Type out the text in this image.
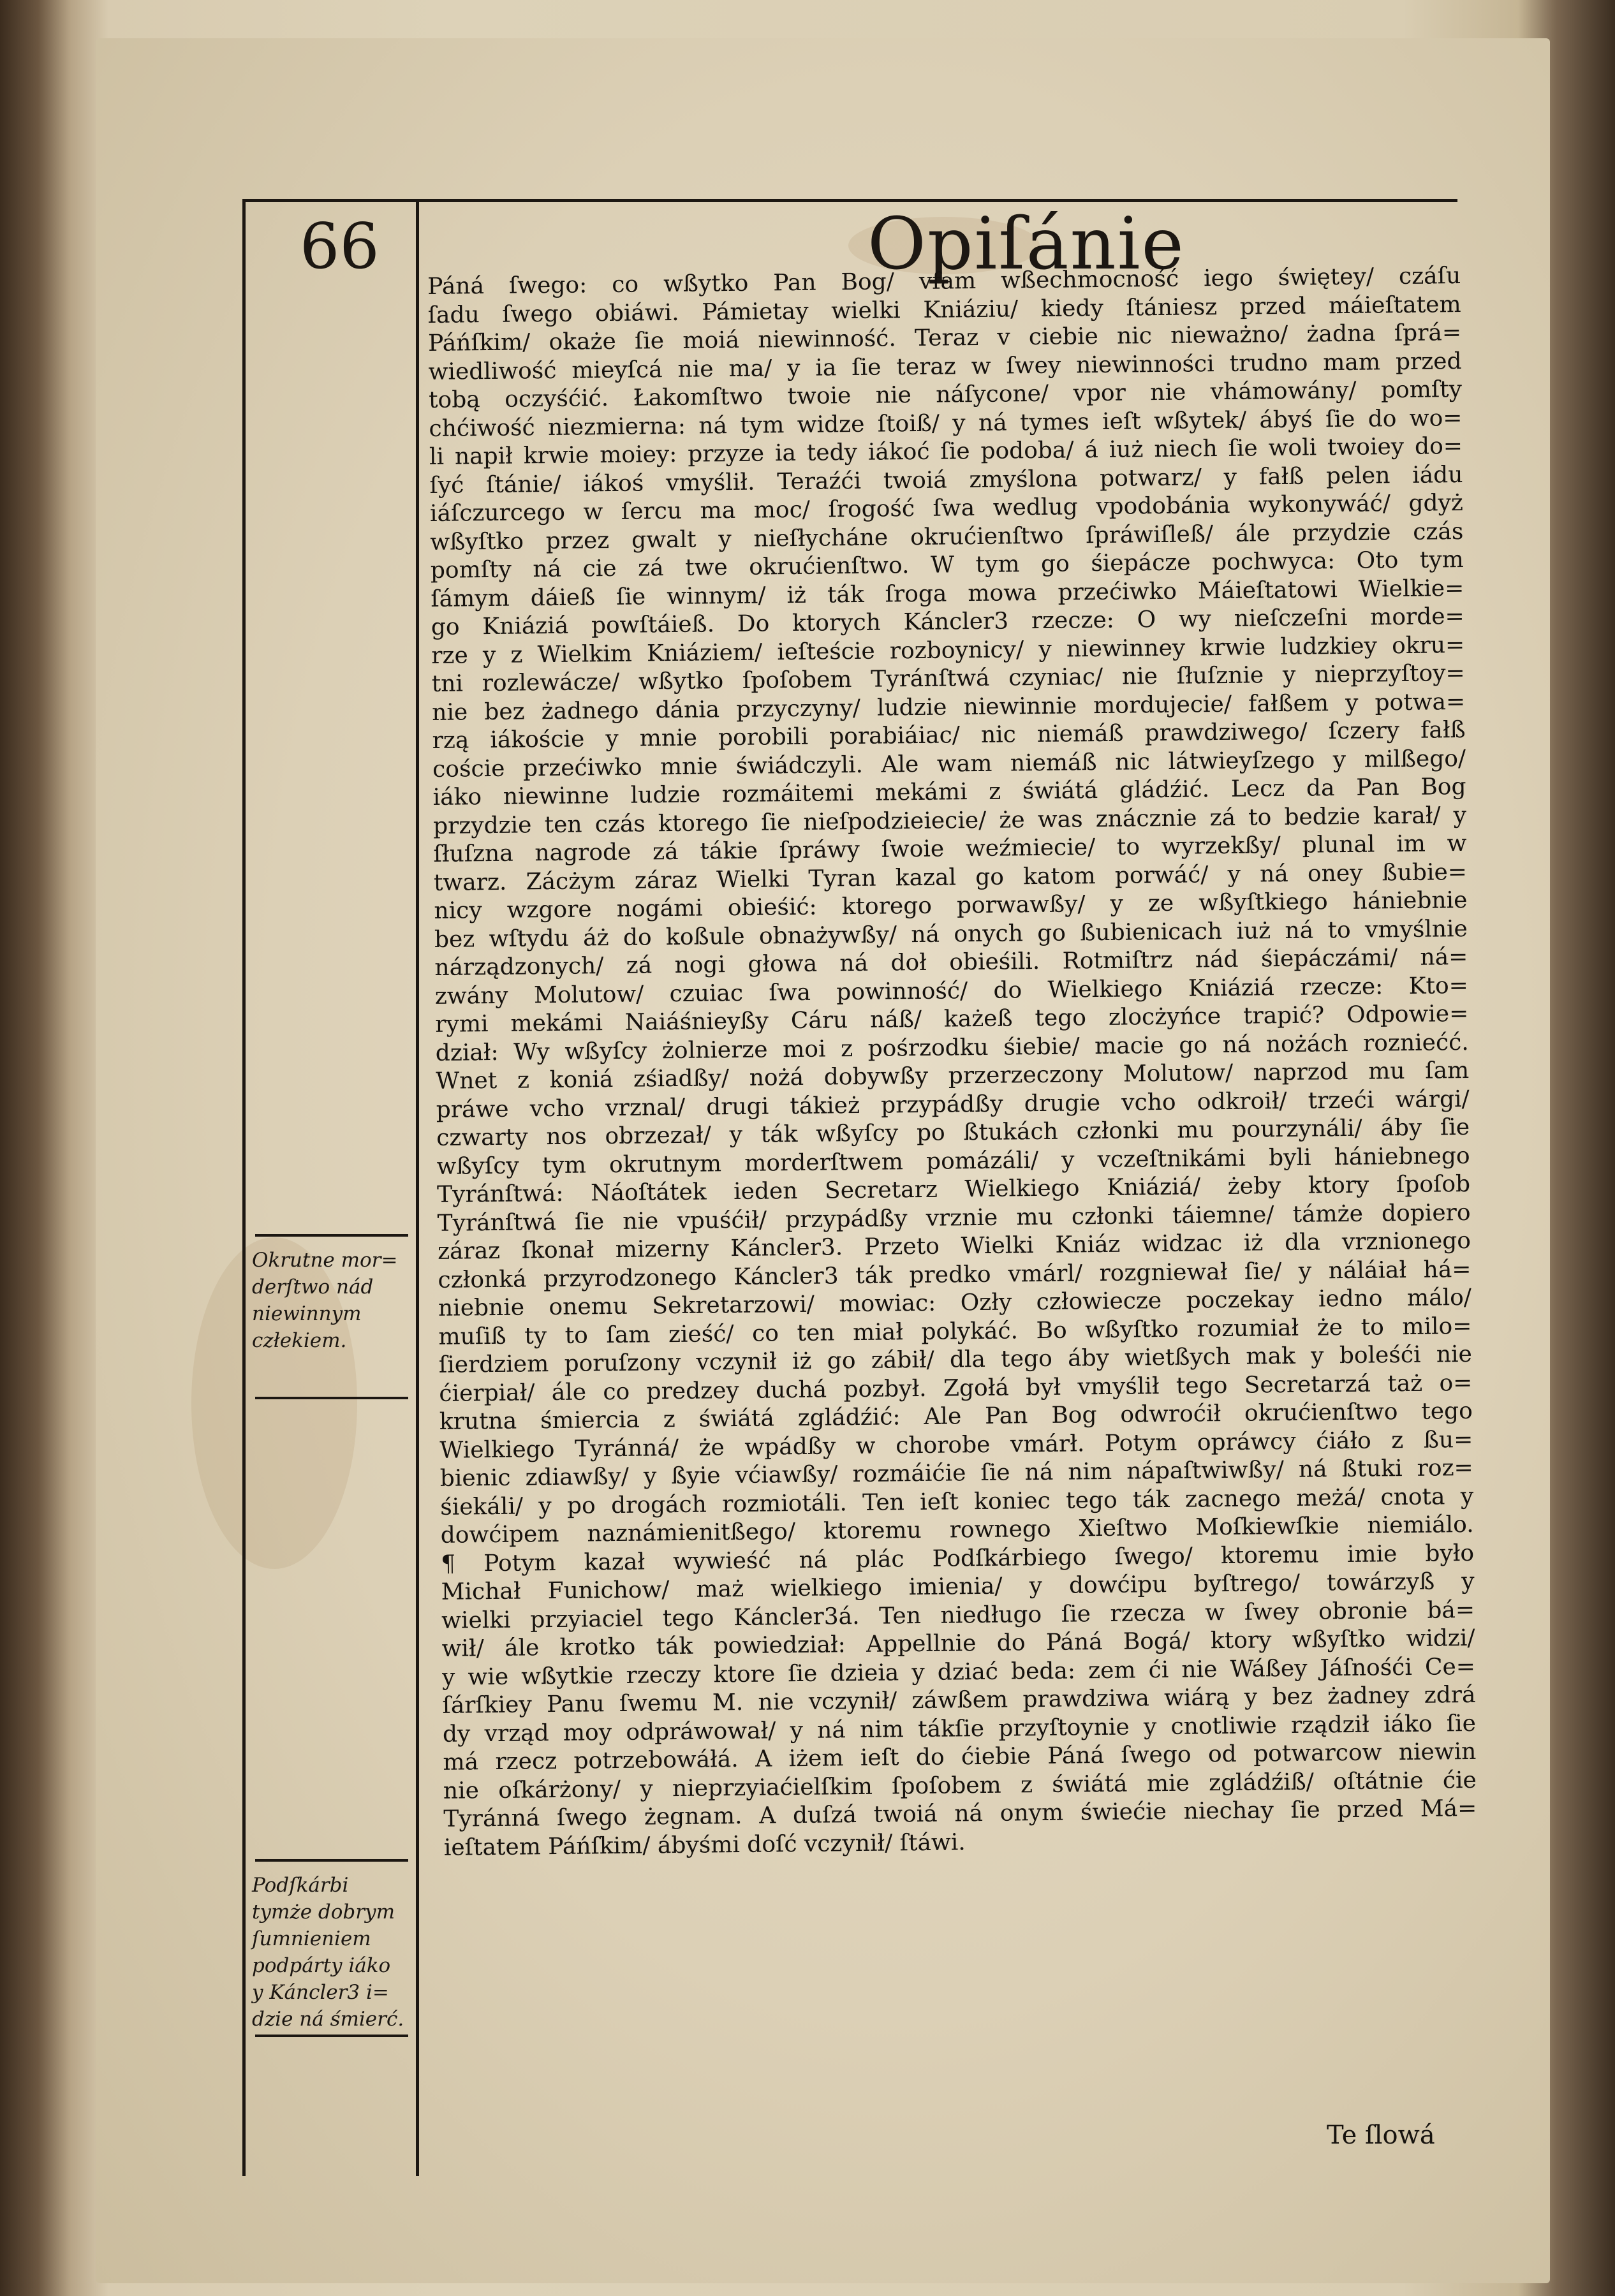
66	Opiſánie
Okrutne mor=
derſtwo nád
niewinnym
człekiem.
Podſkárbi
tymże dobrym
ſumnieniem
podpárty iáko
y Káncler3 i=
dzie ná śmierć.
Páná ſwego: co wßytko Pan Bog/ vfam wßechmocność iego świętey/ czáſu
ſadu ſwego obiáwi. Pámietay wielki Kniáziu/ kiedy ſtániesz przed máieſtatem
Páńſkim/ okaże ſie moiá niewinność. Teraz v ciebie nic nieważno/ żadna ſprá=
wiedliwość mieyſcá nie ma/ y ia ſie teraz w ſwey niewinności trudno mam przed
tobą oczyśćić. Łakomſtwo twoie nie náſycone/ vpor nie vhámowány/ pomſty
chćiwość niezmierna: ná tym widze ſtoiß/ y ná tymes ieſt wßytek/ ábyś ſie do wo=
li napił krwie moiey: przyze ia tedy iákoć ſie podoba/ á iuż niech ſie woli twoiey do=
ſyć ſtánie/ iákoś vmyślił. Teraźći twoiá zmyślona potwarz/ y fałß pelen iádu
iáſczurcego w ſercu ma moc/ ſrogość ſwa wedlug vpodobánia wykonywáć/ gdyż
wßyſtko przez gwalt y nieſłycháne okrućienſtwo ſpráwiſleß/ ále przydzie czás
pomſty ná cie zá twe okrućienſtwo. W tym go śiepácze pochwyca: Oto tym
ſámym dáieß ſie winnym/ iż ták ſroga mowa przećiwko Máieſtatowi Wielkie=
go Kniáziá powſtáieß. Do ktorych Káncler3 rzecze: O wy nieſczeſni morde=
rze y z Wielkim Kniáziem/ ieſteście rozboynicy/ y niewinney krwie ludzkiey okru=
tni rozlewácze/ wßytko ſpoſobem Tyránſtwá czyniac/ nie ſłuſznie y nieprzyſtoy=
nie bez żadnego dánia przyczyny/ ludzie niewinnie mordujecie/ fałßem y potwa=
rzą iákoście y mnie porobili porabiáiac/ nic niemáß prawdziwego/ ſczery fałß
coście przećiwko mnie świádczyli. Ale wam niemáß nic látwieyſzego y milßego/
iáko niewinne ludzie rozmáitemi mekámi z świátá gládźić. Lecz da Pan Bog
przydzie ten czás ktorego ſie nieſpodzieiecie/ że was znácznie zá to bedzie karał/ y
ſłuſzna nagrode zá tákie ſpráwy ſwoie weźmiecie/ to wyrzekßy/ plunal im w
twarz. Zácżym záraz Wielki Tyran kazal go katom porwáć/ y ná oney ßubie=
nicy wzgore nogámi obieśić: ktorego porwawßy/ y ze wßyſtkiego hániebnie
bez wſtydu áż do koßule obnażywßy/ ná onych go ßubienicach iuż ná to vmyślnie
nárządzonych/ zá nogi głowa ná doł obieśili. Rotmiſtrz nád śiepáczámi/ ná=
zwány Molutow/ czuiac ſwa powinność/ do Wielkiego Kniáziá rzecze: Kto=
rymi mekámi Naiáśnieyßy Cáru náß/ każeß tego zlocżyńce trapić? Odpowie=
dział: Wy wßyſcy żolnierze moi z pośrzodku śiebie/ macie go ná nożách rozniećć.
Wnet z koniá zśiadßy/ nożá dobywßy przerzeczony Molutow/ naprzod mu ſam
práwe vcho vrznal/ drugi tákież przypádßy drugie vcho odkroił/ trzeći wárgi/
czwarty nos obrzezał/ y ták wßyſcy po ßtukách członki mu pourzynáli/ áby ſie
wßyſcy tym okrutnym morderſtwem pomázáli/ y vczeſtnikámi byli hániebnego
Tyránſtwá: Náoſtátek ieden Secretarz Wielkiego Kniáziá/ żeby ktory ſpoſob
Tyránſtwá ſie nie vpuśćił/ przypádßy vrznie mu członki táiemne/ támże dopiero
záraz ſkonał mizerny Káncler3. Przeto Wielki Kniáz widzac iż dla vrznionego
członká przyrodzonego Káncler3 ták predko vmárl/ rozgniewał ſie/ y náláiał há=
niebnie onemu Sekretarzowi/ mowiac: Ozły człowiecze poczekay iedno málo/
muſiß ty to ſam zieść/ co ten miał polykáć. Bo wßyſtko rozumiał że to milo=
ſierdziem poruſzony vczynił iż go zábił/ dla tego áby wietßych mak y boleśći nie
ćierpiał/ ále co predzey duchá pozbył. Zgołá był vmyślił tego Secretarzá taż o=
krutna śmiercia z świátá zgládźić: Ale Pan Bog odwroćił okrućienſtwo tego
Wielkiego Tyránná/ że wpádßy w chorobe vmárł. Potym opráwcy ćiáło z ßu=
bienic zdiawßy/ y ßyie vćiawßy/ rozmáićie ſie ná nim nápaſtwiwßy/ ná ßtuki roz=
śiekáli/ y po drogách rozmiotáli. Ten ieſt koniec tego ták zacnego meżá/ cnota y
dowćipem naznámienitßego/ ktoremu rownego Xieſtwo Moſkiewſkie niemiálo.
¶ Potym kazał wywieść ná plác Podſkárbiego ſwego/ ktoremu imie było
Michał Funichow/ maż wielkiego imienia/ y dowćipu byſtrego/ towárzyß y
wielki przyiaciel tego Káncler3á. Ten niedługo ſie rzecza w ſwey obronie bá=
wił/ ále krotko ták powiedział: Appellnie do Páná Bogá/ ktory wßyſtko widzi/
y wie wßytkie rzeczy ktore ſie dzieia y dziać beda: zem ći nie Wáßey Jáſnośći Ce=
ſárſkiey Panu ſwemu M. nie vczynił/ záwßem prawdziwa wiárą y bez żadney zdrá
dy vrząd moy odpráwował/ y ná nim tákſie przyſtoynie y cnotliwie rządził iáko ſie
má rzecz potrzebowáłá. A iżem ieſt do ćiebie Páná ſwego od potwarcow niewin
nie oſkárżony/ y nieprzyiaćielſkim ſpoſobem z świátá mie zgládźiß/ oſtátnie ćie
Tyránná ſwego żegnam. A duſzá twoiá ná onym świećie niechay ſie przed Má=
ieſtatem Páńſkim/ ábyśmi doſć vczynił/ ſtáwi.
Te ſlowá
